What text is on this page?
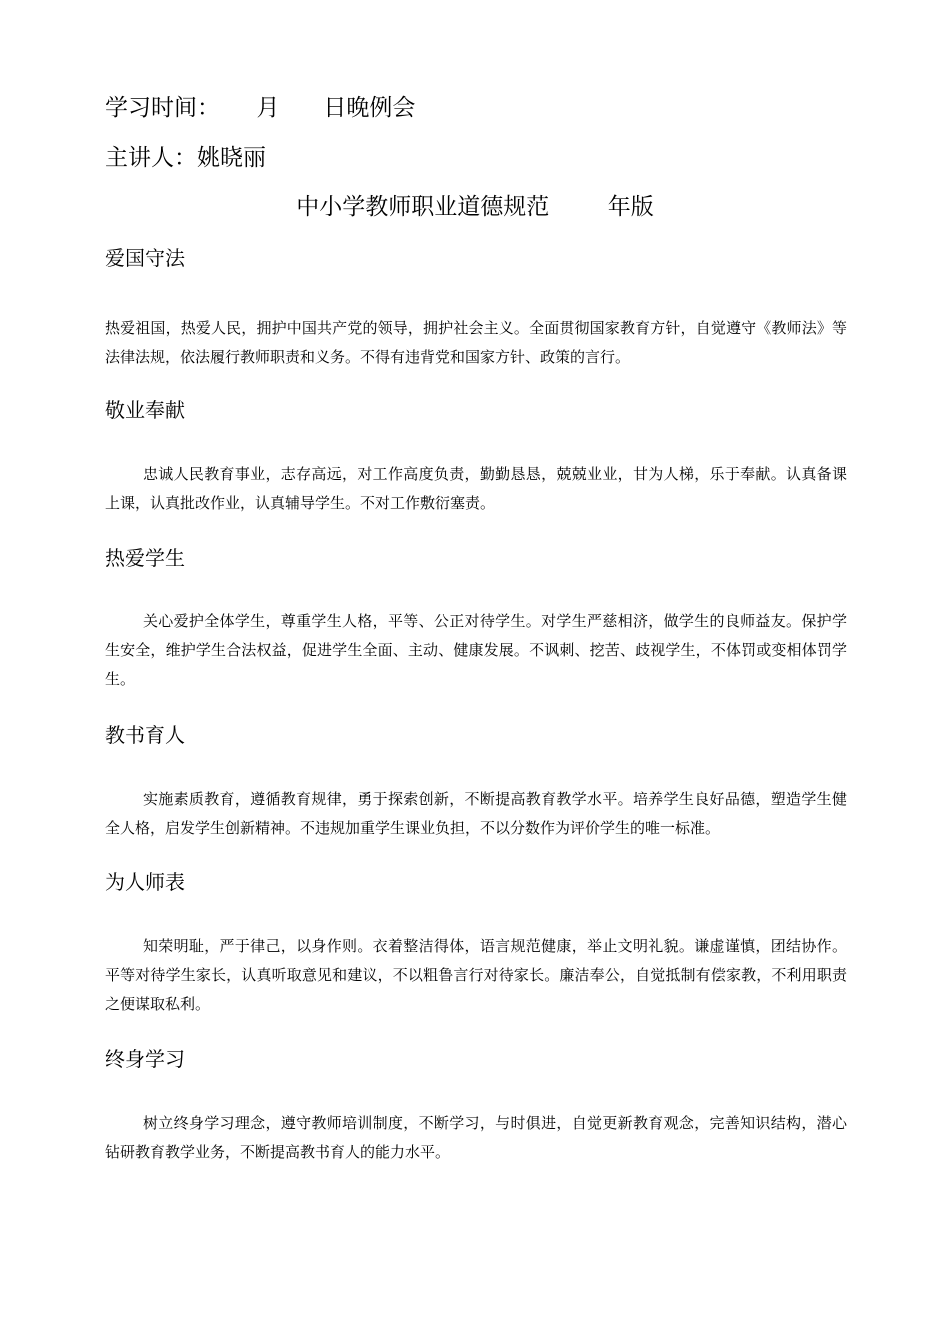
学习时间：     月      日晚例会
主讲人：姚晓丽
中小学教师职业道德规范        年版
爱国守法
热爱祖国，热爱人民，拥护中国共产党的领导，拥护社会主义。全面贯彻国家教育方针，自觉遵守《教师法》等法律法规，依法履行教师职责和义务。不得有违背党和国家方针、政策的言行。
敬业奉献
忠诚人民教育事业，志存高远，对工作高度负责，勤勤恳恳，兢兢业业，甘为人梯，乐于奉献。认真备课上课，认真批改作业，认真辅导学生。不对工作敷衍塞责。
热爱学生
关心爱护全体学生，尊重学生人格，平等、公正对待学生。对学生严慈相济，做学生的良师益友。保护学生安全，维护学生合法权益，促进学生全面、主动、健康发展。不讽刺、挖苦、歧视学生，不体罚或变相体罚学生。
教书育人
实施素质教育，遵循教育规律，勇于探索创新，不断提高教育教学水平。培养学生良好品德，塑造学生健全人格，启发学生创新精神。不违规加重学生课业负担，不以分数作为评价学生的唯一标准。
为人师表
知荣明耻，严于律己，以身作则。衣着整洁得体，语言规范健康，举止文明礼貌。谦虚谨慎，团结协作。平等对待学生家长，认真听取意见和建议，不以粗鲁言行对待家长。廉洁奉公，自觉抵制有偿家教，不利用职责之便谋取私利。
终身学习
树立终身学习理念，遵守教师培训制度，不断学习，与时俱进，自觉更新教育观念，完善知识结构，潜心钻研教育教学业务，不断提高教书育人的能力水平。
